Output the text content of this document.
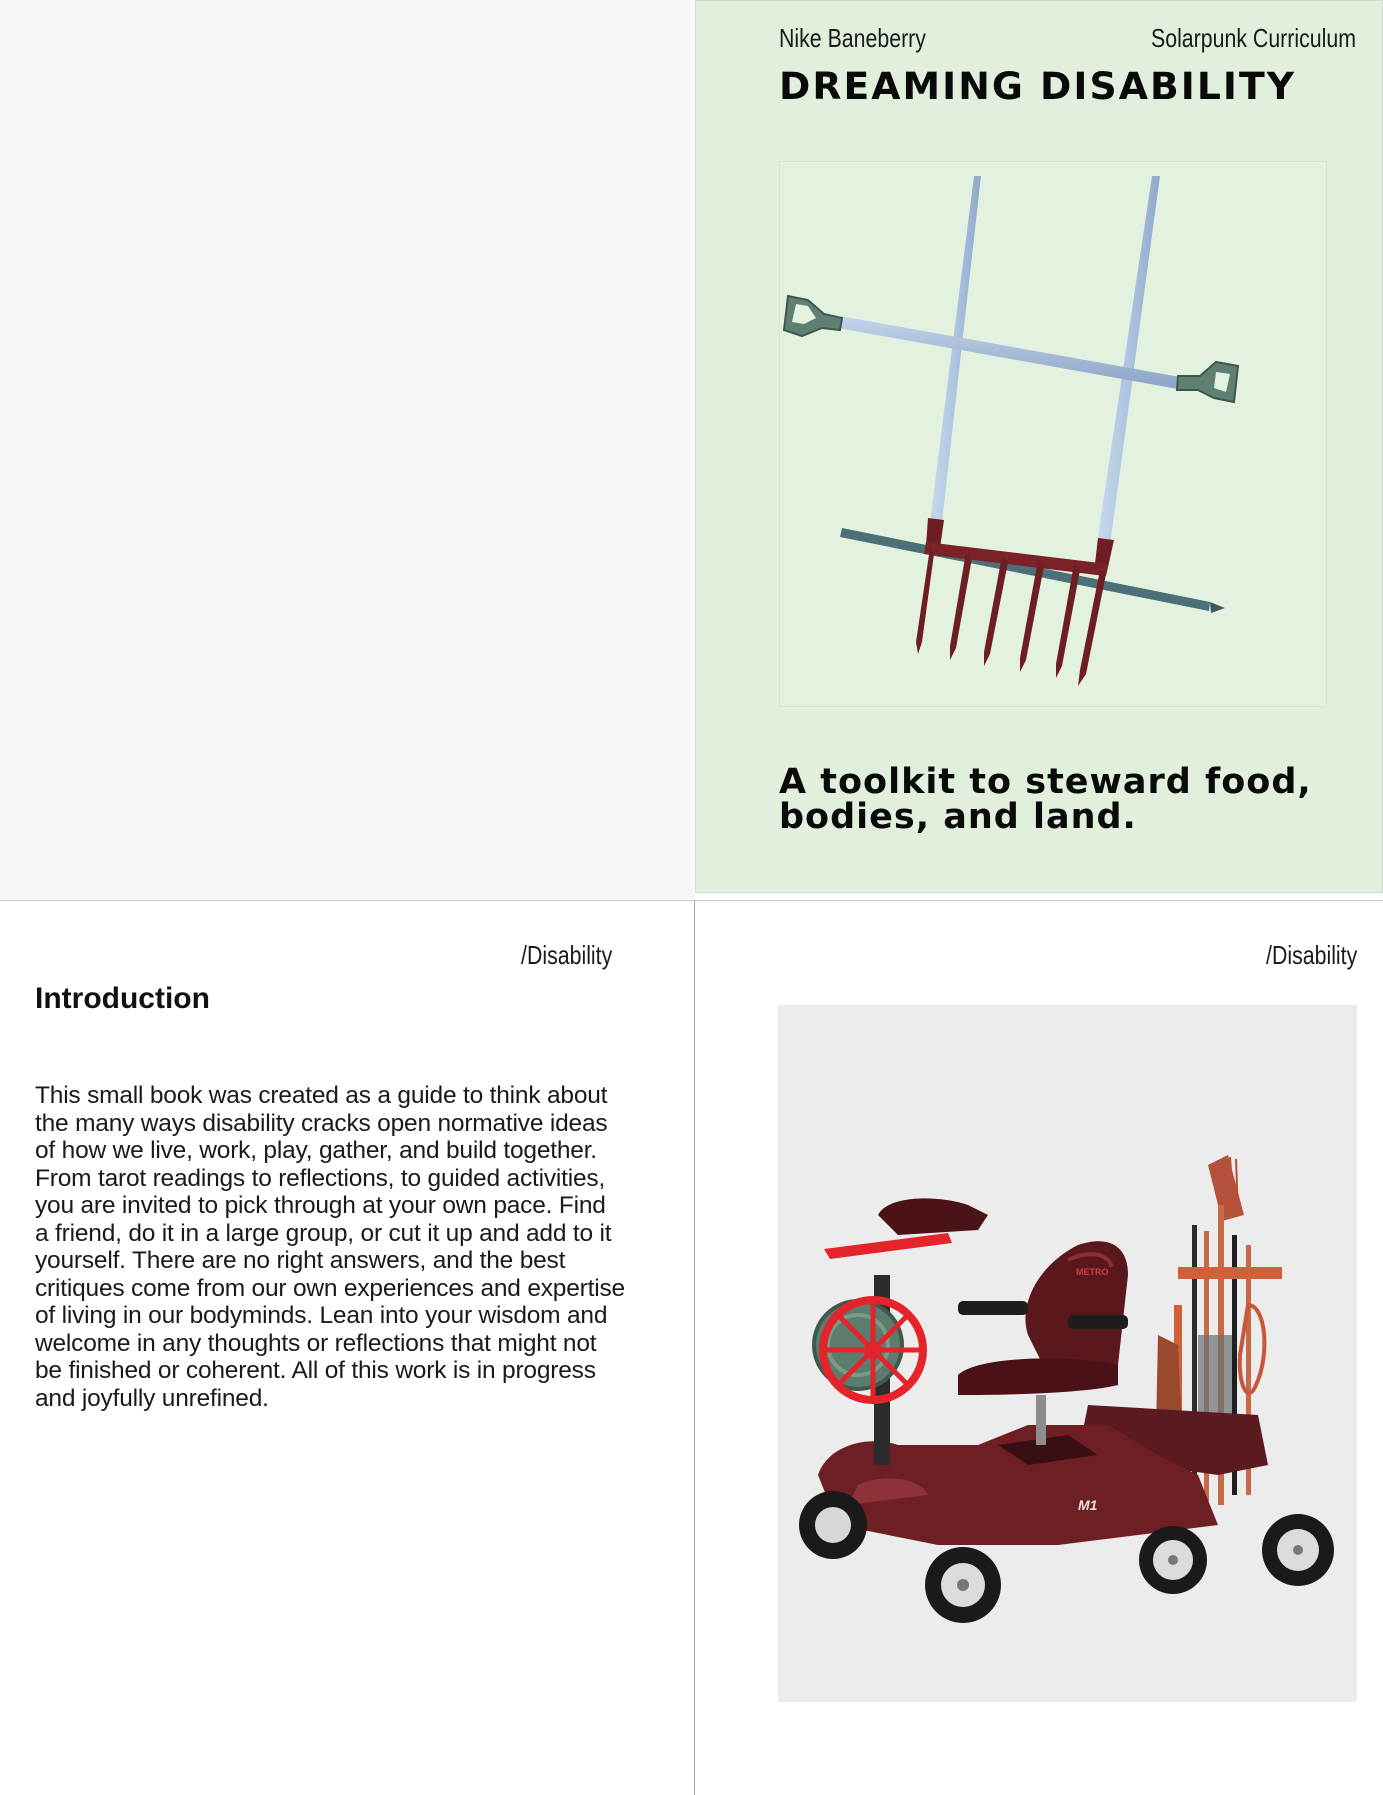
Nike Baneberry	Solarpunk Curriculum
DREAMING DISABILITY
A toolkit to steward food, bodies, and land.
/Disability
Introduction
This small book was created as a guide to think about the many ways disability cracks open normative ideas of how we live, work, play, gather, and build together. From tarot readings to reflections, to guided activities, you are invited to pick through at your own pace. Find a friend, do it in a large group, or cut it up and add to it yourself. There are no right answers, and the best critiques come from our own experiences and expertise of living in our bodyminds. Lean into your wisdom and welcome in any thoughts or reflections that might not be finished or coherent. All of this work is in progress and joyfully unrefined.
/Disability
M1
METRO
